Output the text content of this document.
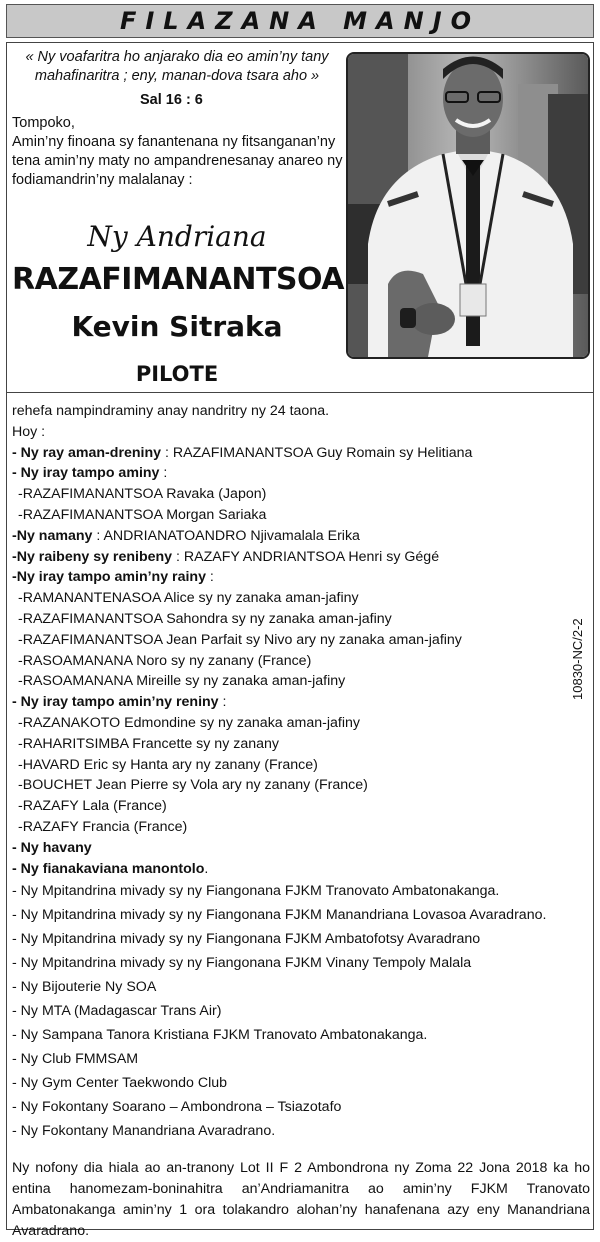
FILAZANA MANJO
« Ny voafaritra ho anjarako dia eo amin’ny tany mahafinaritra ; eny, manan-dova tsara aho »
Sal 16 : 6
Tompoko,
Amin’ny finoana sy fanantenana ny fitsanganan’ny tena amin’ny maty no ampandrenesanay anareo ny fodiamandrin’ny malalanay :
Ny Andriana
RAZAFIMANANTSOA
Kevin Sitraka
PILOTE
rehefa nampindraminy anay nandritry ny 24 taona.
Hoy :
- Ny ray aman-dreniny : RAZAFIMANANTSOA Guy Romain sy Helitiana
- Ny iray tampo aminy :
-RAZAFIMANANTSOA Ravaka (Japon)
-RAZAFIMANANTSOA Morgan Sariaka
-Ny namany : ANDRIANATOANDRO Njivamalala Erika
-Ny raibeny sy renibeny : RAZAFY ANDRIANTSOA Henri sy Gégé
-Ny iray tampo amin’ny rainy :
-RAMANANTENASOA Alice sy ny zanaka aman-jafiny
-RAZAFIMANANTSOA Sahondra sy ny zanaka aman-jafiny
-RAZAFIMANANTSOA Jean Parfait sy Nivo ary ny zanaka aman-jafiny
-RASOAMANANA Noro sy ny zanany (France)
-RASOAMANANA Mireille sy ny zanaka aman-jafiny
- Ny iray tampo amin’ny reniny :
-RAZANAKOTO Edmondine sy ny zanaka aman-jafiny
-RAHARITSIMBA Francette sy ny zanany
-HAVARD Eric sy Hanta ary ny zanany (France)
-BOUCHET Jean Pierre sy Vola ary ny zanany (France)
-RAZAFY Lala (France)
-RAZAFY Francia (France)
- Ny havany
- Ny fianakaviana manontolo.
- Ny Mpitandrina mivady sy ny Fiangonana FJKM Tranovato Ambatonakanga.
- Ny Mpitandrina mivady sy ny Fiangonana FJKM Manandriana Lovasoa Avaradrano.
- Ny Mpitandrina mivady sy ny Fiangonana FJKM Ambatofotsy Avaradrano
- Ny Mpitandrina mivady sy ny Fiangonana FJKM Vinany Tempoly Malala
- Ny Bijouterie Ny SOA
- Ny MTA (Madagascar Trans Air)
- Ny Sampana Tanora Kristiana FJKM Tranovato Ambatonakanga.
- Ny Club FMMSAM
- Ny Gym Center Taekwondo Club
- Ny Fokontany Soarano – Ambondrona – Tsiazotafo
- Ny Fokontany Manandriana Avaradrano.
Ny nofony dia hiala ao an-tranony Lot II F 2 Ambondrona ny Zoma 22 Jona 2018 ka ho entina hanomezam-boninahitra an’Andriamanitra ao amin’ny FJKM Tranovato Ambatonakanga amin’ny 1 ora tolakandro alohan’ny hanafenana azy eny Manandriana Avaradrano.
10830-NC/2-2
